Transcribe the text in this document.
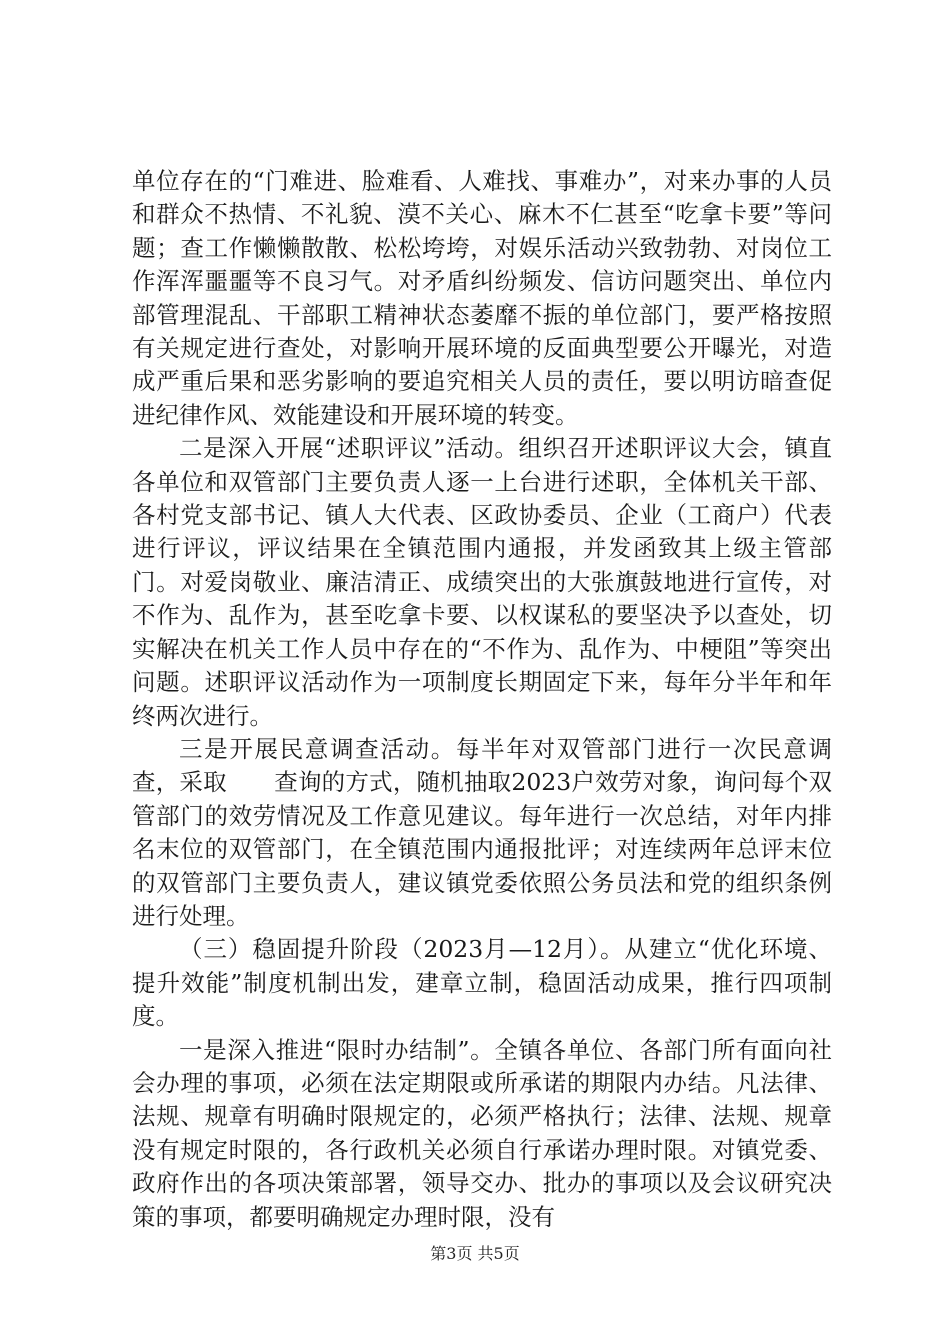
单位存在的“门难进、脸难看、人难找、事难办”，对来办事的人员和群众不热情、不礼貌、漠不关心、麻木不仁甚至“吃拿卡要”等问题；查工作懒懒散散、松松垮垮，对娱乐活动兴致勃勃、对岗位工作浑浑噩噩等不良习气。对矛盾纠纷频发、信访问题突出、单位内部管理混乱、干部职工精神状态萎靡不振的单位部门，要严格按照有关规定进行查处，对影响开展环境的反面典型要公开曝光，对造成严重后果和恶劣影响的要追究相关人员的责任，要以明访暗查促进纪律作风、效能建设和开展环境的转变。

二是深入开展“述职评议”活动。组织召开述职评议大会，镇直各单位和双管部门主要负责人逐一上台进行述职，全体机关干部、各村党支部书记、镇人大代表、区政协委员、企业（工商户）代表进行评议，评议结果在全镇范围内通报，并发函致其上级主管部门。对爱岗敬业、廉洁清正、成绩突出的大张旗鼓地进行宣传，对不作为、乱作为，甚至吃拿卡要、以权谋私的要坚决予以查处，切实解决在机关工作人员中存在的“不作为、乱作为、中梗阻”等突出问题。述职评议活动作为一项制度长期固定下来，每年分半年和年终两次进行。

三是开展民意调查活动。每半年对双管部门进行一次民意调查，采取　　查询的方式，随机抽取2023户效劳对象，询问每个双管部门的效劳情况及工作意见建议。每年进行一次总结，对年内排名末位的双管部门，在全镇范围内通报批评；对连续两年总评末位的双管部门主要负责人，建议镇党委依照公务员法和党的组织条例进行处理。

（三）稳固提升阶段（2023月—12月）。从建立“优化环境、提升效能”制度机制出发，建章立制，稳固活动成果，推行四项制度。

一是深入推进“限时办结制”。全镇各单位、各部门所有面向社会办理的事项，必须在法定期限或所承诺的期限内办结。凡法律、法规、规章有明确时限规定的，必须严格执行；法律、法规、规章没有规定时限的，各行政机关必须自行承诺办理时限。对镇党委、政府作出的各项决策部署，领导交办、批办的事项以及会议研究决策的事项，都要明确规定办理时限，没有

第3页 共5页
